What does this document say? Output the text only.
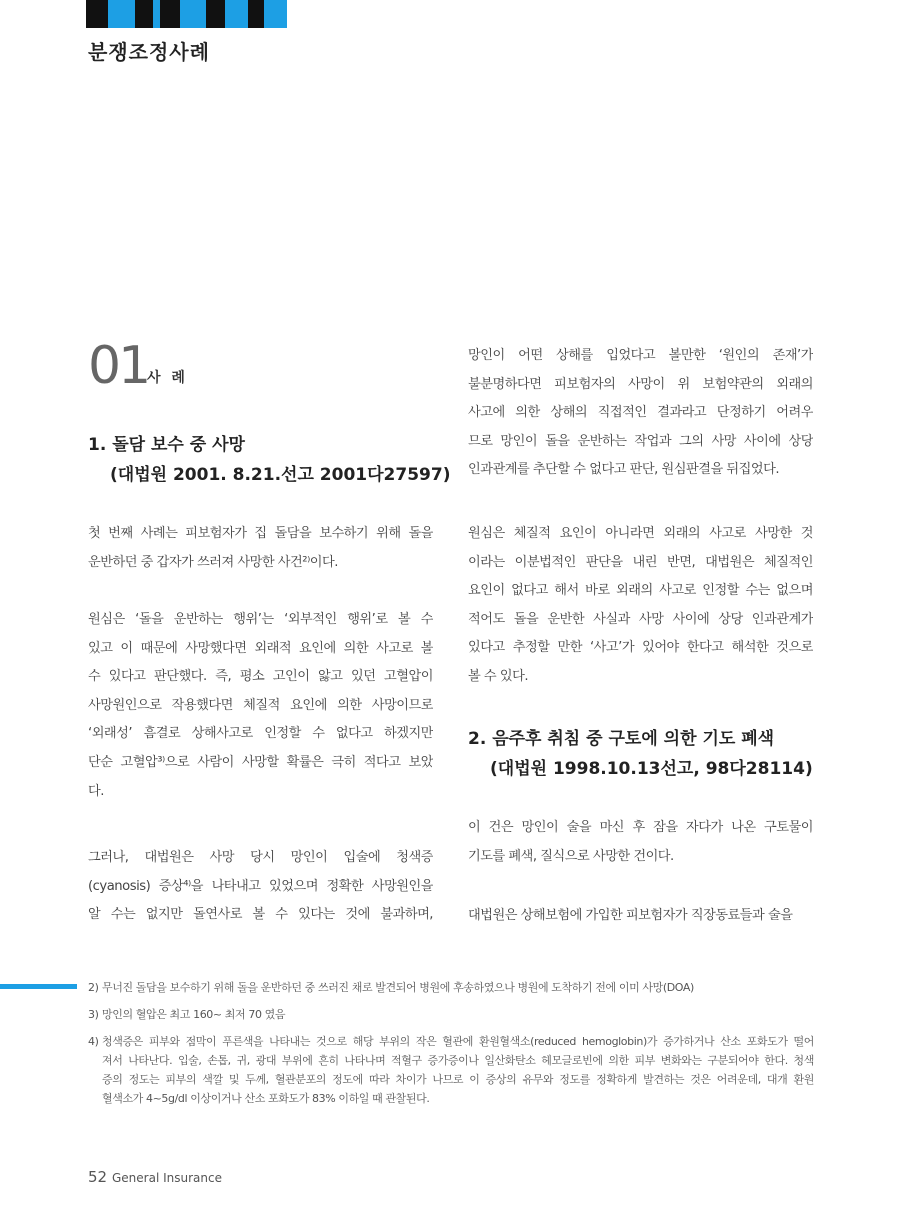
분쟁조정사례
01
사 례
1. 돌담 보수 중 사망
(대법원 2001. 8.21.선고 2001다27597)
첫 번째 사례는 피보험자가 집 돌담을 보수하기 위해 돌을
운반하던 중 갑자가 쓰러져 사망한 사건²⁾이다.
원심은 ‘돌을 운반하는 행위’는 ‘외부적인 행위’로 볼 수
있고 이 때문에 사망했다면 외래적 요인에 의한 사고로 볼
수 있다고 판단했다. 즉, 평소 고인이 앓고 있던 고혈압이
사망원인으로 작용했다면 체질적 요인에 의한 사망이므로
‘외래성’ 흠결로 상해사고로 인정할 수 없다고 하겠지만
단순 고혈압³⁾으로 사람이 사망할 확률은 극히 적다고 보았
다.
그러나, 대법원은 사망 당시 망인이 입술에 청색증
(cyanosis) 증상⁴⁾을 나타내고 있었으며 정확한 사망원인을
알 수는 없지만 돌연사로 볼 수 있다는 것에 불과하며,
망인이 어떤 상해를 입었다고 볼만한 ‘원인의 존재’가
불분명하다면 피보험자의 사망이 위 보험약관의 외래의
사고에 의한 상해의 직접적인 결과라고 단정하기 어려우
므로 망인이 돌을 운반하는 작업과 그의 사망 사이에 상당
인과관계를 추단할 수 없다고 판단, 원심판결을 뒤집었다.
원심은 체질적 요인이 아니라면 외래의 사고로 사망한 것
이라는 이분법적인 판단을 내린 반면, 대법원은 체질적인
요인이 없다고 해서 바로 외래의 사고로 인정할 수는 없으며
적어도 돌을 운반한 사실과 사망 사이에 상당 인과관계가
있다고 추정할 만한 ‘사고’가 있어야 한다고 해석한 것으로
볼 수 있다.
2. 음주후 취침 중 구토에 의한 기도 폐색
(대법원 1998.10.13선고, 98다28114)
이 건은 망인이 술을 마신 후 잠을 자다가 나온 구토물이
기도를 폐색, 질식으로 사망한 건이다.
대법원은 상해보험에 가입한 피보험자가 직장동료들과 술을
2) 무너진 돌담을 보수하기 위해 돌을 운반하던 중 쓰러진 채로 발견되어 병원에 후송하였으나 병원에 도착하기 전에 이미 사망(DOA)
3) 망인의 혈압은 최고 160~ 최저 70 였음
4) 청색증은 피부와 점막이 푸른색을 나타내는 것으로 해당 부위의 작은 혈관에 환원혈색소(reduced hemoglobin)가 증가하거나 산소 포화도가 떨어
져서 나타난다. 입술, 손톱, 귀, 광대 부위에 흔히 나타나며 적혈구 증가증이나 일산화탄소 헤모글로빈에 의한 피부 변화와는 구분되어야 한다. 청색
증의 정도는 피부의 색깔 및 두께, 혈관분포의 정도에 따라 차이가 나므로 이 증상의 유무와 정도를 정확하게 발견하는 것은 어려운데, 대개 환원
혈색소가 4~5g/dl 이상이거나 산소 포화도가 83% 이하일 때 관찰된다.
52 General Insurance
